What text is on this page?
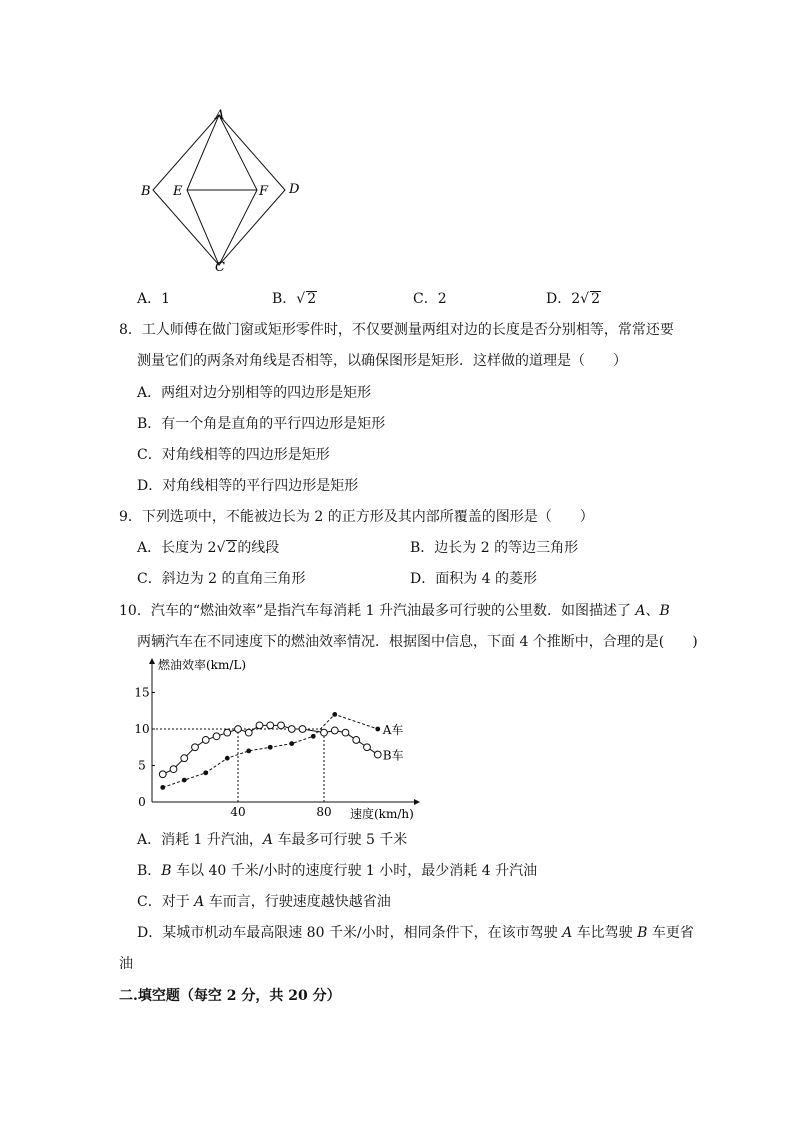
A
B E	F D
C
A．1	B．√ 2	C．2	D．2√ 2
8．工人师傅在做门窗或矩形零件时，不仅要测量两组对边的长度是否分别相等，常常还要
测量它们的两条对角线是否相等，以确保图形是矩形．这样做的道理是（　　）
A．两组对边分别相等的四边形是矩形
B．有一个角是直角的平行四边形是矩形
C．对角线相等的四边形是矩形
D．对角线相等的平行四边形是矩形
9．下列选项中，不能被边长为 2 的正方形及其内部所覆盖的图形是（　　）
A．长度为 2√ 2的线段	B．边长为 2 的等边三角形
C．斜边为 2 的直角三角形	D．面积为 4 的菱形
10．汽车的“燃油效率”是指汽车每消耗 1 升汽油最多可行驶的公里数．如图描述了 A、B
两辆汽车在不同速度下的燃油效率情况．根据图中信息，下面 4 个推断中，合理的是(　　)
燃油效率(km/L)
速度(km/h)
0
5
10
15
40	80
A车
B车
A．消耗 1 升汽油，A 车最多可行驶 5 千米
B．B 车以 40 千米/小时的速度行驶 1 小时，最少消耗 4 升汽油
C．对于 A 车而言，行驶速度越快越省油
D．某城市机动车最高限速 80 千米/小时，相同条件下，在该市驾驶 A 车比驾驶 B 车更省
油
二.填空题（每空 2 分，共 20 分）
